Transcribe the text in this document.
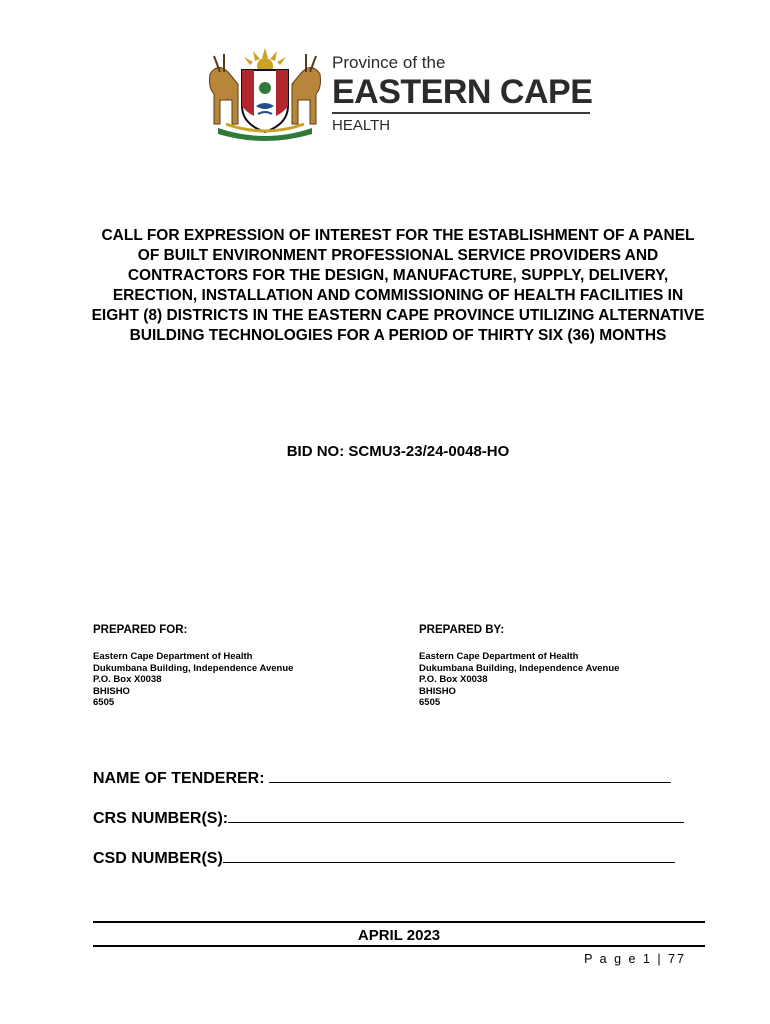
Province of the
EASTERN CAPE
HEALTH
CALL FOR EXPRESSION OF INTEREST FOR THE ESTABLISHMENT OF A PANEL OF BUILT ENVIRONMENT PROFESSIONAL SERVICE PROVIDERS AND CONTRACTORS FOR THE DESIGN, MANUFACTURE, SUPPLY, DELIVERY, ERECTION, INSTALLATION AND COMMISSIONING OF HEALTH FACILITIES IN EIGHT (8) DISTRICTS IN THE EASTERN CAPE PROVINCE UTILIZING ALTERNATIVE BUILDING TECHNOLOGIES FOR A PERIOD OF THIRTY SIX (36) MONTHS
BID NO: SCMU3-23/24-0048-HO
PREPARED FOR:
Eastern Cape Department of Health
Dukumbana Building, Independence Avenue
P.O. Box X0038
BHISHO
6505
PREPARED BY:
Eastern Cape Department of Health
Dukumbana Building, Independence Avenue
P.O. Box X0038
BHISHO
6505
NAME OF TENDERER:
CRS NUMBER(S):
CSD NUMBER(S)
APRIL 2023
P a g e 1 | 77
